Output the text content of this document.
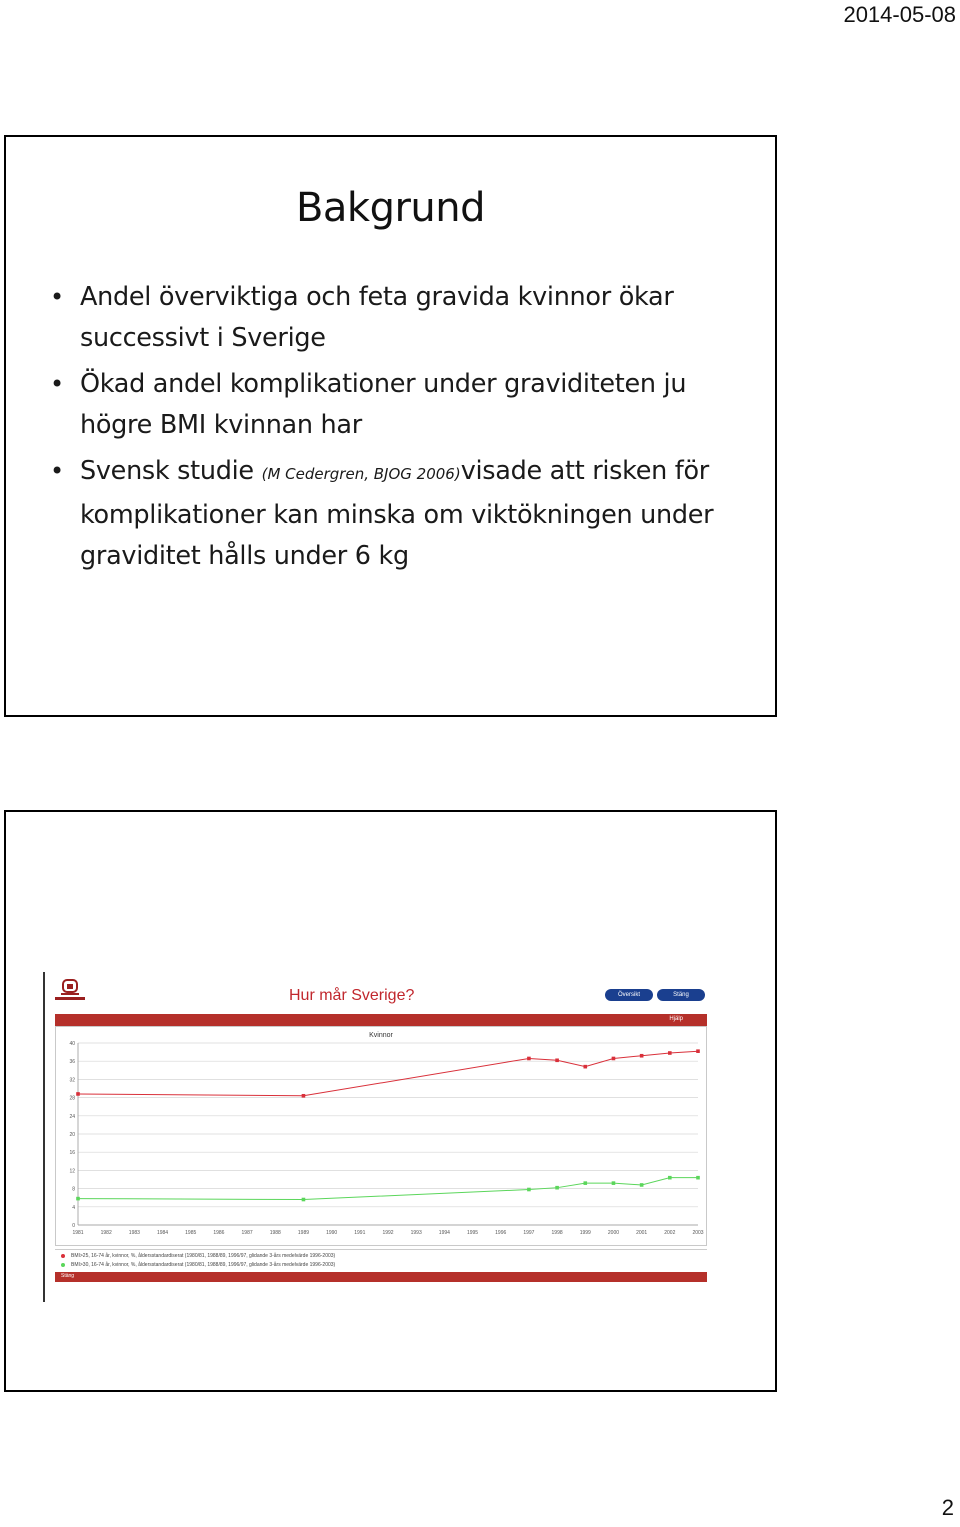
2014-05-08
Bakgrund
• Andel överviktiga och feta gravida kvinnor ökar successivt i Sverige
• Ökad andel komplikationer under graviditeten ju högre BMI kvinnan har
• Svensk studie (M Cedergren, BJOG 2006)visade att risken för komplikationer kan minska om viktökningen under graviditet hålls under 6 kg
Hur mår Sverige?	Översikt	Stäng
Hjälp
Kvinnor
0
4
8
12
16
20
24
28
32
36
40
1981	1982	1983	1984	1985	1986	1987	1988	1989	1990	1991	1992	1993	1994	1995	1996	1997	1998	1999	2000	2001	2002	2003
BMI>25, 16-74 år, kvinnor, %, åldersstandardiserat (1980/81, 1988/89, 1996/97, glidande 3-års medelvärde 1996-2003)
BMI>30, 16-74 år, kvinnor, %, åldersstandardiserat (1980/81, 1988/89, 1996/97, glidande 3-års medelvärde 1996-2003)
Stäng
2
